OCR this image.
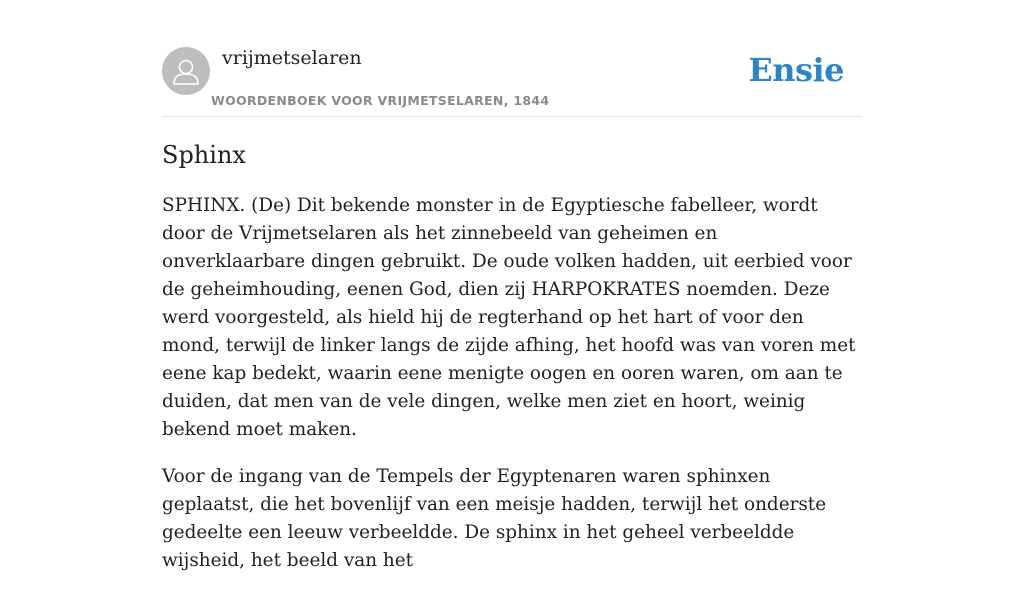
vrijmetselaren
WOORDENBOEK VOOR VRIJMETSELAREN, 1844
Ensie
Sphinx

SPHINX. (De) Dit bekende monster in de Egyptiesche fabelleer, wordt door de Vrijmetselaren als het zinnebeeld van geheimen en onverklaarbare dingen gebruikt. De oude volken hadden, uit eerbied voor de geheimhouding, eenen God, dien zij HARPOKRATES noemden. Deze werd voorgesteld, als hield hij de regterhand op het hart of voor den mond, terwijl de linker langs de zijde afhing, het hoofd was van voren met eene kap bedekt, waarin eene menigte oogen en ooren waren, om aan te duiden, dat men van de vele dingen, welke men ziet en hoort, weinig bekend moet maken.

Voor de ingang van de Tempels der Egyptenaren waren sphinxen geplaatst, die het bovenlijf van een meisje hadden, terwijl het onderste gedeelte een leeuw verbeeldde. De sphinx in het geheel verbeeldde wijsheid, het beeld van het
